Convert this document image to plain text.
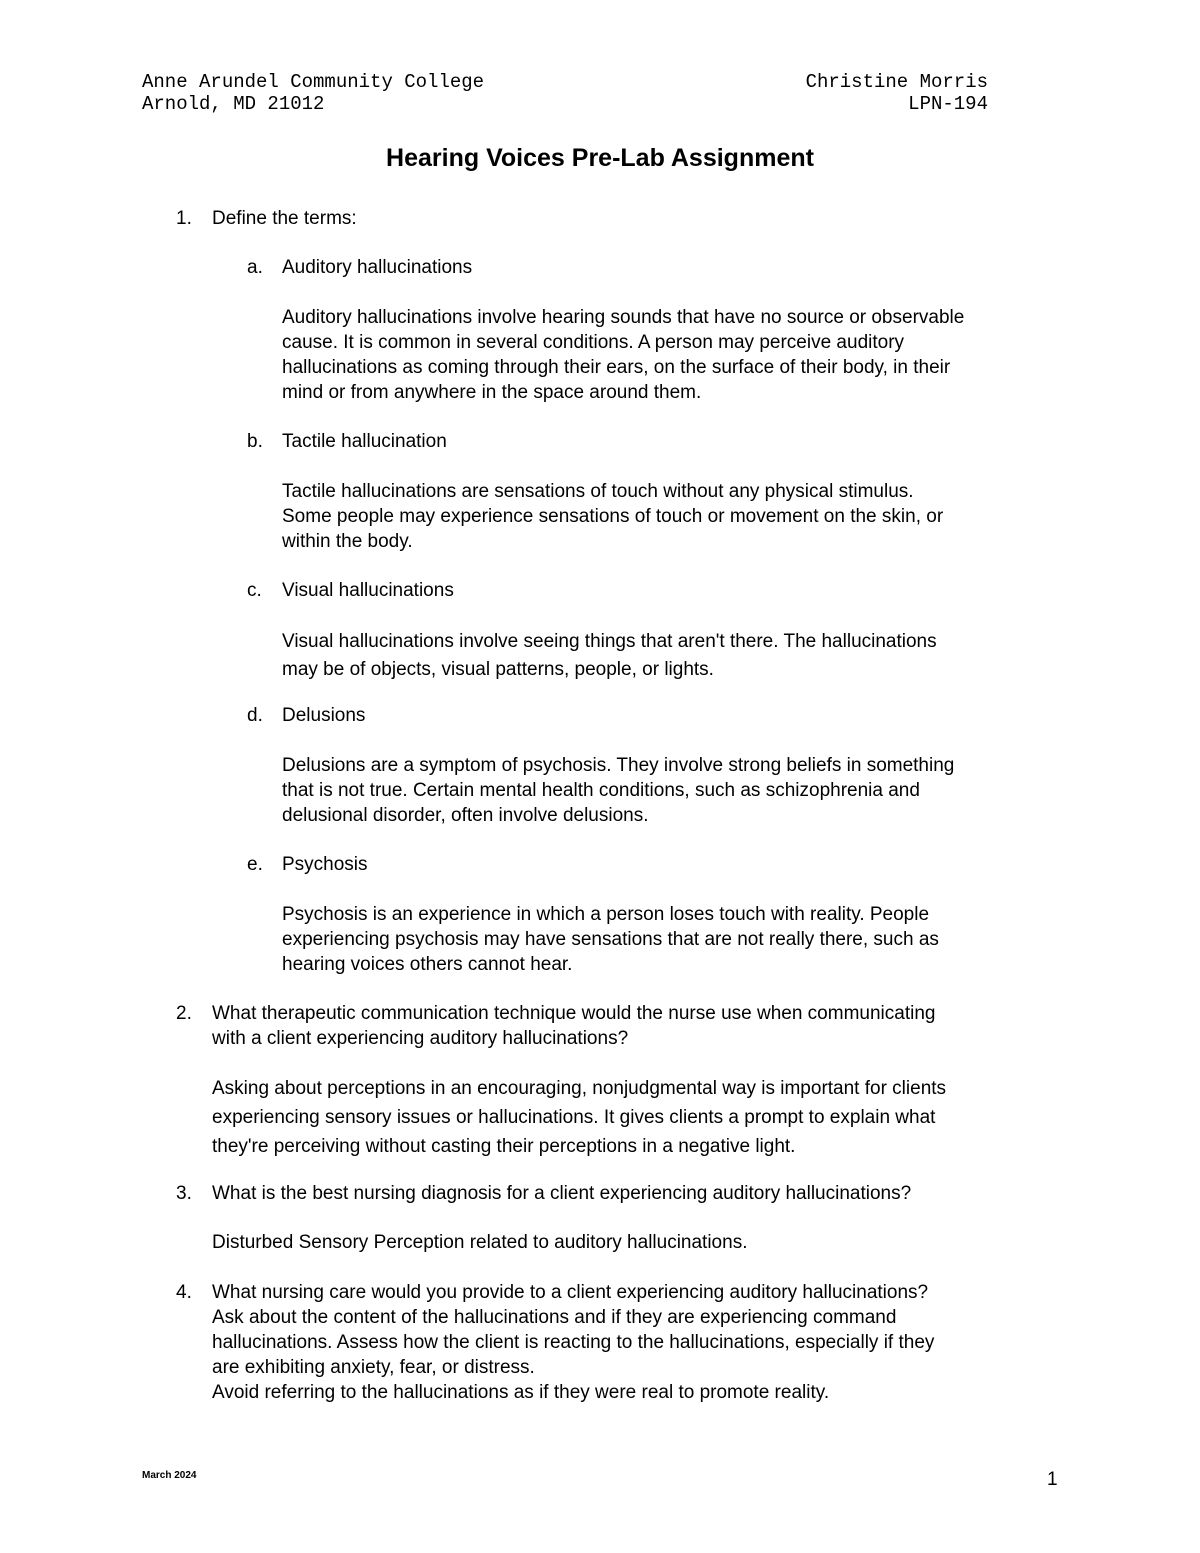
Anne Arundel Community College
Arnold, MD 21012
Christine Morris
LPN-194
Hearing Voices Pre-Lab Assignment
1. Define the terms:
a. Auditory hallucinations
Auditory hallucinations involve hearing sounds that have no source or observable
cause. It is common in several conditions. A person may perceive auditory
hallucinations as coming through their ears, on the surface of their body, in their
mind or from anywhere in the space around them.
b. Tactile hallucination
Tactile hallucinations are sensations of touch without any physical stimulus.
Some people may experience sensations of touch or movement on the skin, or
within the body.
c. Visual hallucinations
Visual hallucinations involve seeing things that aren't there. The hallucinations
may be of objects, visual patterns, people, or lights.
d. Delusions
Delusions are a symptom of psychosis. They involve strong beliefs in something
that is not true. Certain mental health conditions, such as schizophrenia and
delusional disorder, often involve delusions.
e. Psychosis
Psychosis is an experience in which a person loses touch with reality. People
experiencing psychosis may have sensations that are not really there, such as
hearing voices others cannot hear.
2. What therapeutic communication technique would the nurse use when communicating
with a client experiencing auditory hallucinations?
Asking about perceptions in an encouraging, nonjudgmental way is important for clients
experiencing sensory issues or hallucinations. It gives clients a prompt to explain what
they're perceiving without casting their perceptions in a negative light.
3. What is the best nursing diagnosis for a client experiencing auditory hallucinations?
Disturbed Sensory Perception related to auditory hallucinations.
4. What nursing care would you provide to a client experiencing auditory hallucinations?
Ask about the content of the hallucinations and if they are experiencing command
hallucinations. Assess how the client is reacting to the hallucinations, especially if they
are exhibiting anxiety, fear, or distress.
Avoid referring to the hallucinations as if they were real to promote reality.
March 2024	1
